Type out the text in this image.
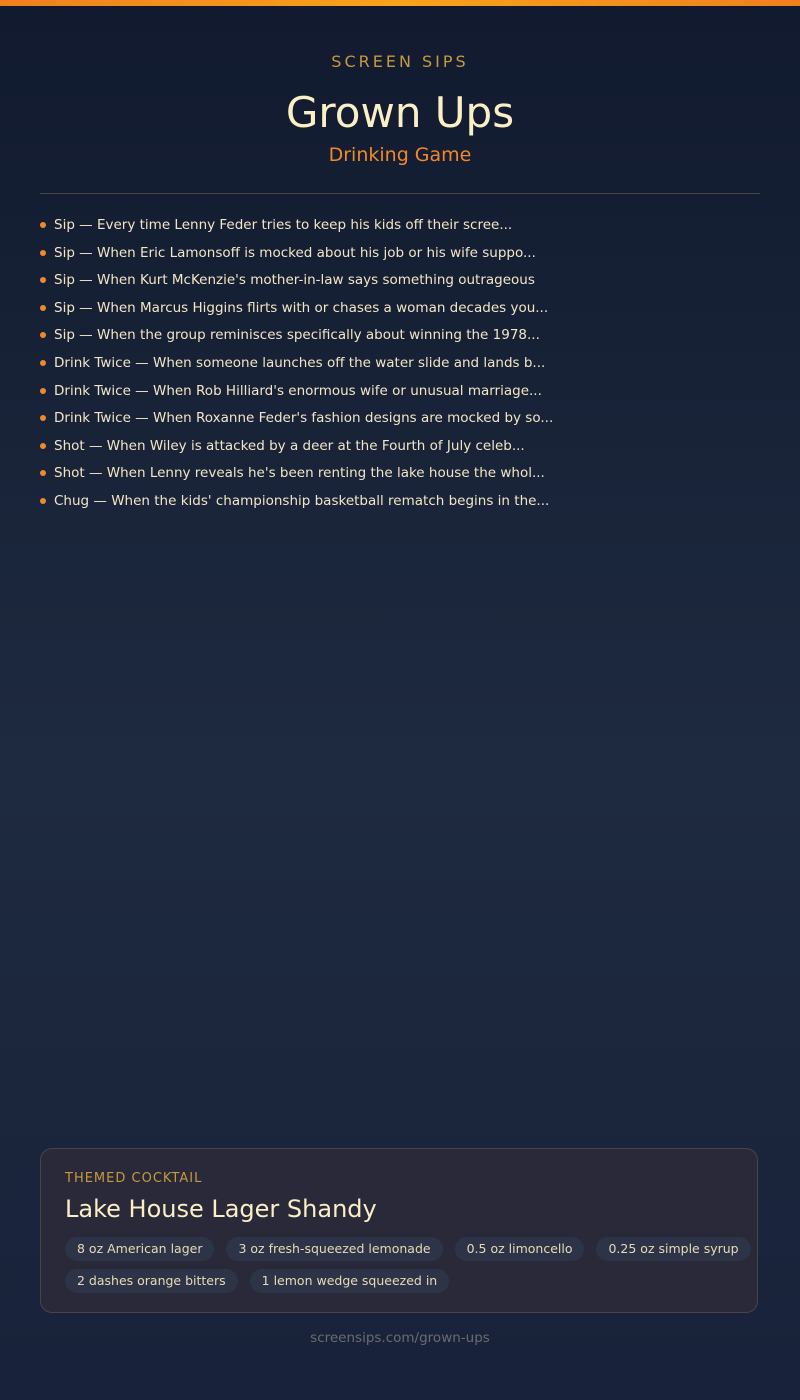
SCREEN SIPS
Grown Ups
Drinking Game
Sip — Every time Lenny Feder tries to keep his kids off their scree...
Sip — When Eric Lamonsoff is mocked about his job or his wife suppo...
Sip — When Kurt McKenzie's mother-in-law says something outrageous
Sip — When Marcus Higgins flirts with or chases a woman decades you...
Sip — When the group reminisces specifically about winning the 1978...
Drink Twice — When someone launches off the water slide and lands b...
Drink Twice — When Rob Hilliard's enormous wife or unusual marriage...
Drink Twice — When Roxanne Feder's fashion designs are mocked by so...
Shot — When Wiley is attacked by a deer at the Fourth of July celeb...
Shot — When Lenny reveals he's been renting the lake house the whol...
Chug — When the kids' championship basketball rematch begins in the...
THEMED COCKTAIL
Lake House Lager Shandy
8 oz American lager	3 oz fresh-squeezed lemonade	0.5 oz limoncello	0.25 oz simple syrup
2 dashes orange bitters	1 lemon wedge squeezed in
screensips.com/grown-ups
